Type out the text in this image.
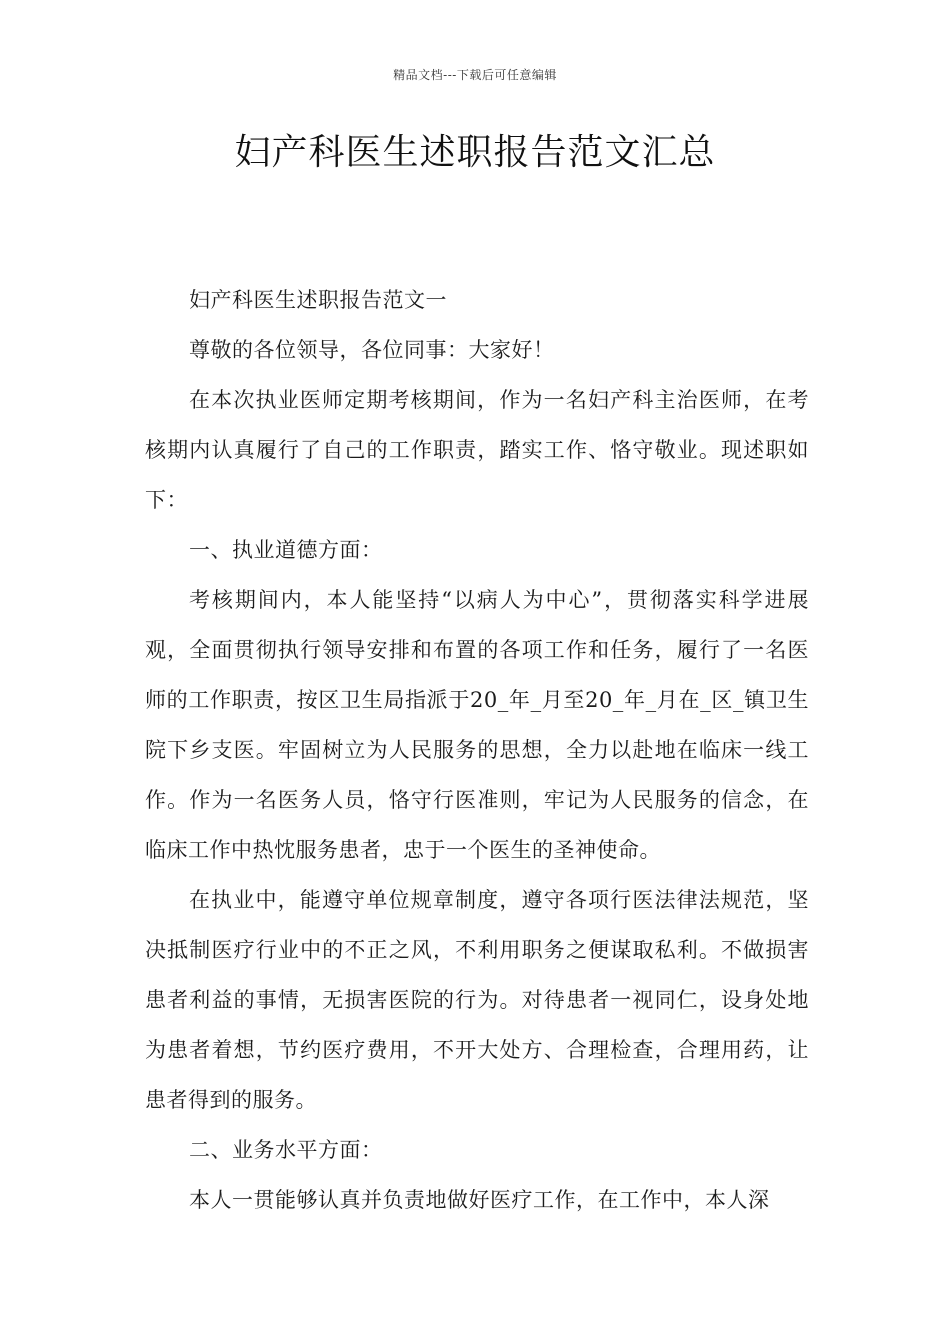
精品文档---下载后可任意编辑
妇产科医生述职报告范文汇总

妇产科医生述职报告范文一

尊敬的各位领导，各位同事：大家好！

在本次执业医师定期考核期间，作为一名妇产科主治医师，在考核期内认真履行了自己的工作职责，踏实工作、恪守敬业。现述职如下：

一、执业道德方面：

考核期间内，本人能坚持“以病人为中心”，贯彻落实科学进展观，全面贯彻执行领导安排和布置的各项工作和任务，履行了一名医师的工作职责，按区卫生局指派于20_年_月至20_年_月在_区_镇卫生院下乡支医。牢固树立为人民服务的思想，全力以赴地在临床一线工作。作为一名医务人员，恪守行医准则，牢记为人民服务的信念，在临床工作中热忱服务患者，忠于一个医生的圣神使命。

在执业中，能遵守单位规章制度，遵守各项行医法律法规范，坚决抵制医疗行业中的不正之风，不利用职务之便谋取私利。不做损害患者利益的事情，无损害医院的行为。对待患者一视同仁，设身处地为患者着想，节约医疗费用，不开大处方、合理检查，合理用药，让患者得到的服务。

二、业务水平方面：

本人一贯能够认真并负责地做好医疗工作，在工作中，本人深
